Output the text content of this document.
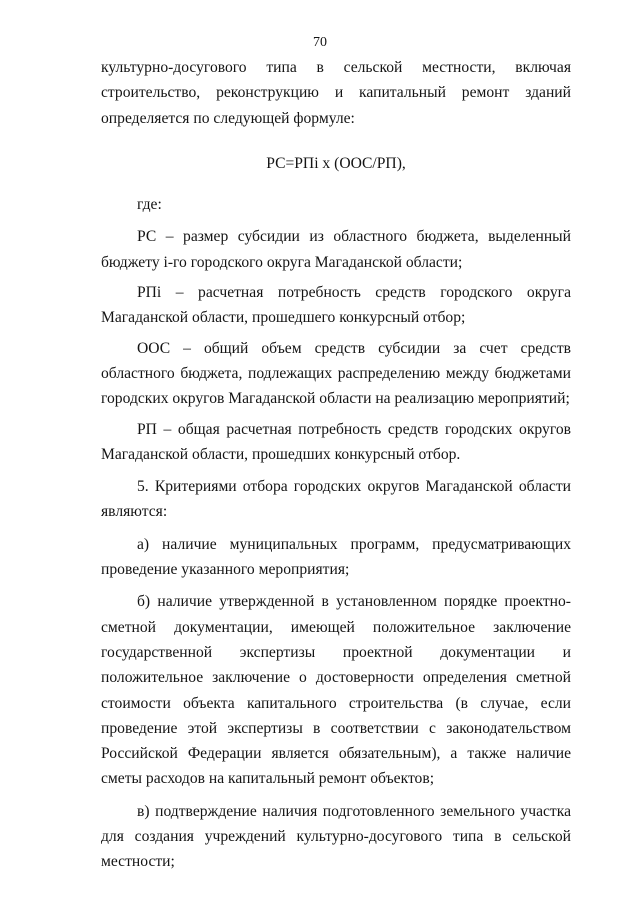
70

культурно-досугового типа в сельской местности, включая строительство, реконструкцию и капитальный ремонт зданий определяется по следующей формуле:

РС=РПi х (ООС/РП),

где:

РС – размер субсидии из областного бюджета, выделенный бюджету i-го городского округа Магаданской области;

РПi – расчетная потребность средств городского округа Магаданской области, прошедшего конкурсный отбор;

ООС – общий объем средств субсидии за счет средств областного бюджета, подлежащих распределению между бюджетами городских округов Магаданской области на реализацию мероприятий;

РП – общая расчетная потребность средств городских округов Магаданской области, прошедших конкурсный отбор.

5. Критериями отбора городских округов Магаданской области являются:

а) наличие муниципальных программ, предусматривающих проведение указанного мероприятия;

б) наличие утвержденной в установленном порядке проектно-сметной документации, имеющей положительное заключение государственной экспертизы проектной документации и положительное заключение о достоверности определения сметной стоимости объекта капитального строительства (в случае, если проведение этой экспертизы в соответствии с законодательством Российской Федерации является обязательным), а также наличие сметы расходов на капитальный ремонт объектов;

в) подтверждение наличия подготовленного земельного участка для создания учреждений культурно-досугового типа в сельской местности;
